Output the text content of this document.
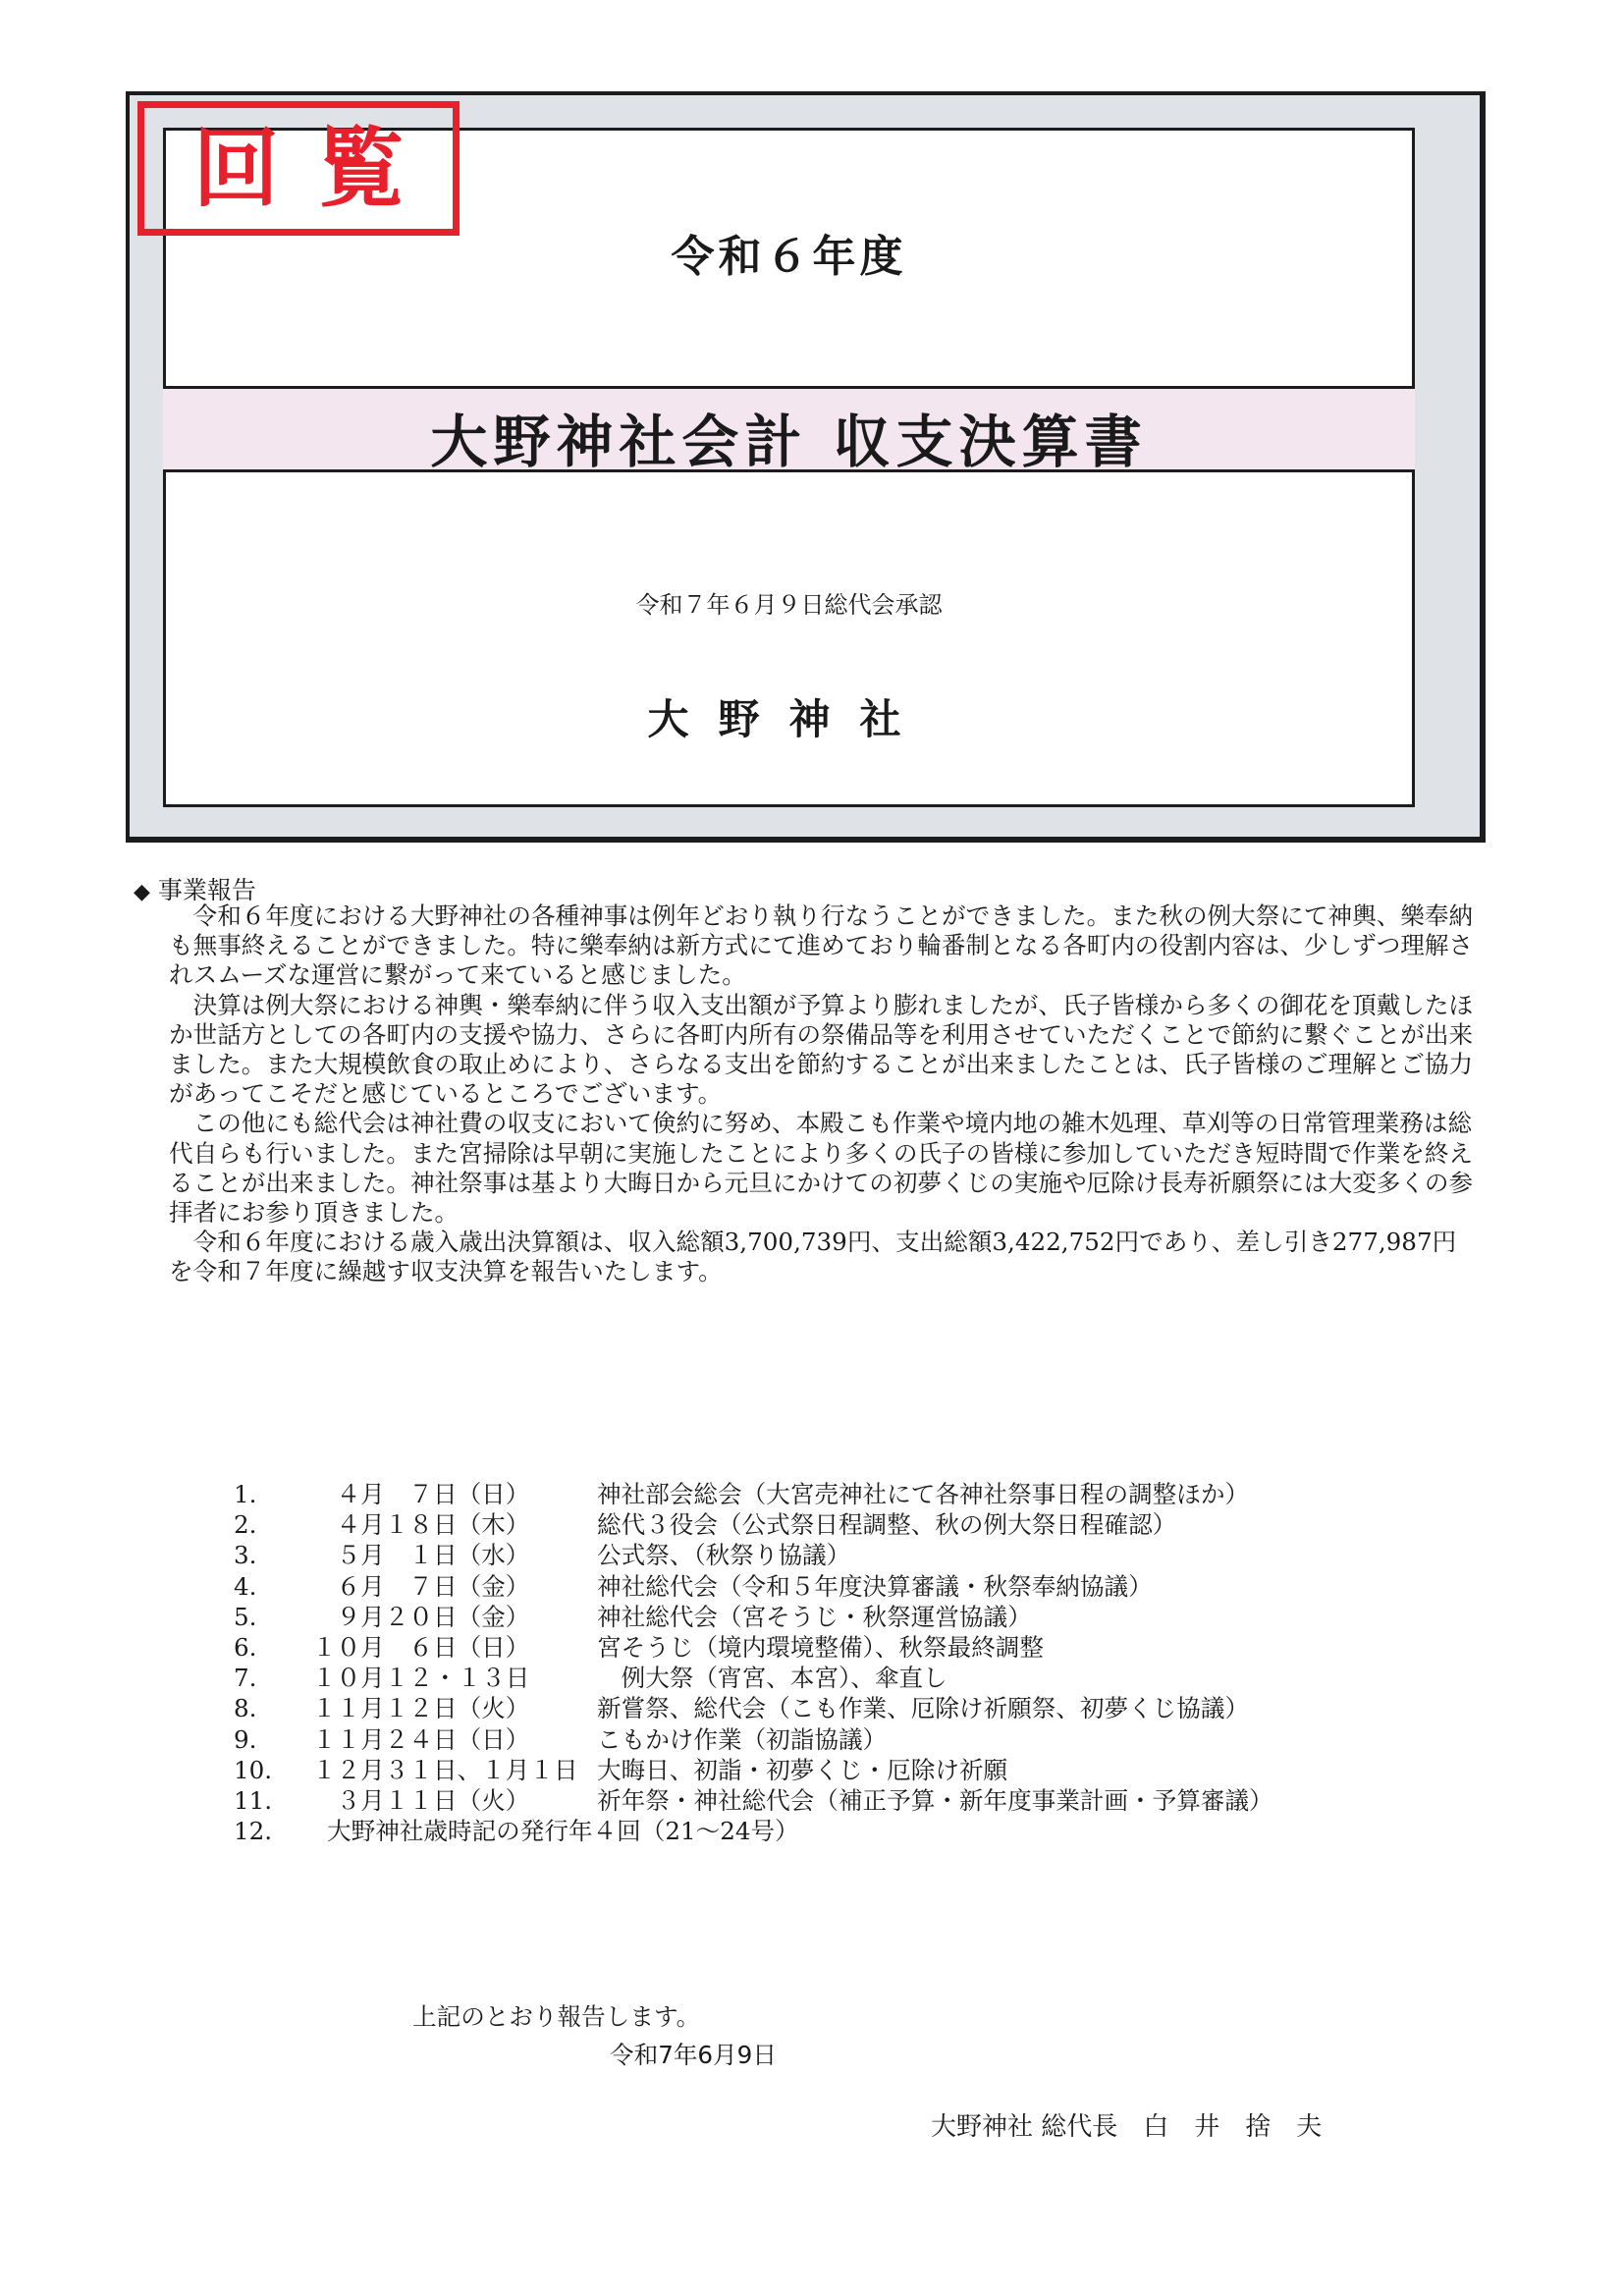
回 覧
令和６年度
大野神社会計 収支決算書
令和７年６月９日総代会承認
大野神社
◆ 事業報告

令和６年度における大野神社の各種神事は例年どおり執り行なうことができました。また秋の例大祭にて神輿、樂奉納も無事終えることができました。特に樂奉納は新方式にて進めており輪番制となる各町内の役割内容は、少しずつ理解されスムーズな運営に繋がって来ていると感じました。

決算は例大祭における神輿・樂奉納に伴う収入支出額が予算より膨れましたが、氏子皆様から多くの御花を頂戴したほか世話方としての各町内の支援や協力、さらに各町内所有の祭備品等を利用させていただくことで節約に繋ぐことが出来ました。また大規模飲食の取止めにより、さらなる支出を節約することが出来ましたことは、氏子皆様のご理解とご協力があってこそだと感じているところでございます。

この他にも総代会は神社費の収支において倹約に努め、本殿こも作業や境内地の雑木処理、草刈等の日常管理業務は総代自らも行いました。また宮掃除は早朝に実施したことにより多くの氏子の皆様に参加していただき短時間で作業を終えることが出来ました。神社祭事は基より大晦日から元旦にかけての初夢くじの実施や厄除け長寿祈願祭には大変多くの参拝者にお参り頂きました。

令和６年度における歳入歳出決算額は、収入総額3,700,739円、支出総額3,422,752円であり、差し引き277,987円を令和７年度に繰越す収支決算を報告いたします。

1.	　４月　７日（日）	神社部会総会（大宮売神社にて各神社祭事日程の調整ほか）
2.	　４月１８日（木）	総代３役会（公式祭日程調整、秋の例大祭日程確認）
3.	　５月　１日（水）	公式祭、（秋祭り協議）
4.	　６月　７日（金）	神社総代会（令和５年度決算審議・秋祭奉納協議）
5.	　９月２０日（金）	神社総代会（宮そうじ・秋祭運営協議）
6.	１０月　６日（日）	宮そうじ（境内環境整備）、秋祭最終調整
7.	１０月１２・１３日	　例大祭（宵宮、本宮）、傘直し
8.	１１月１２日（火）	新嘗祭、総代会（こも作業、厄除け祈願祭、初夢くじ協議）
9.	１１月２４日（日）	こもかけ作業（初詣協議）
10.	１２月３１日、１月１日 大晦日、初詣・初夢くじ・厄除け祈願
11.	　３月１１日（火）	祈年祭・神社総代会（補正予算・新年度事業計画・予算審議）
12.	大野神社歳時記の発行年４回（21～24号）
上記のとおり報告します。
令和7年6月9日
大野神社 総代長　白　井　捨　夫
